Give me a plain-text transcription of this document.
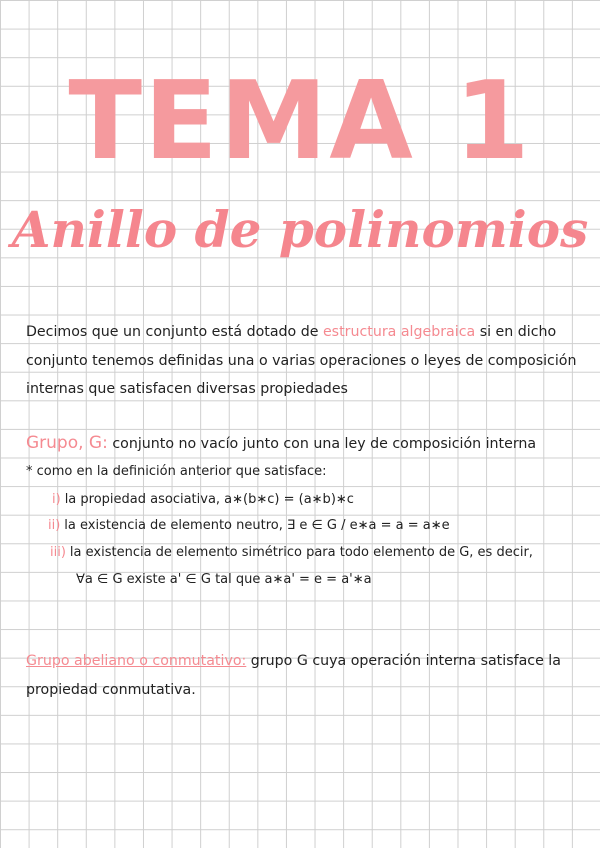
TEMA 1
Anillo de polinomios

Decimos que un conjunto está dotado de estructura algebraica si en dicho conjunto tenemos definidas una o varias operaciones o leyes de composición internas que satisfacen diversas propiedades

Grupo, G: conjunto no vacío junto con una ley de composición interna

* como en la definición anterior que satisface:
i) la propiedad asociativa, a∗(b∗c) = (a∗b)∗c
ii) la existencia de elemento neutro, ∃ e ∈ G / e∗a = a = a∗e
iii) la existencia de elemento simétrico para todo elemento de G, es decir,
∀a ∈ G existe a' ∈ G tal que a∗a' = e = a'∗a

Grupo abeliano o conmutativo: grupo G cuya operación interna satisface la propiedad conmutativa.
